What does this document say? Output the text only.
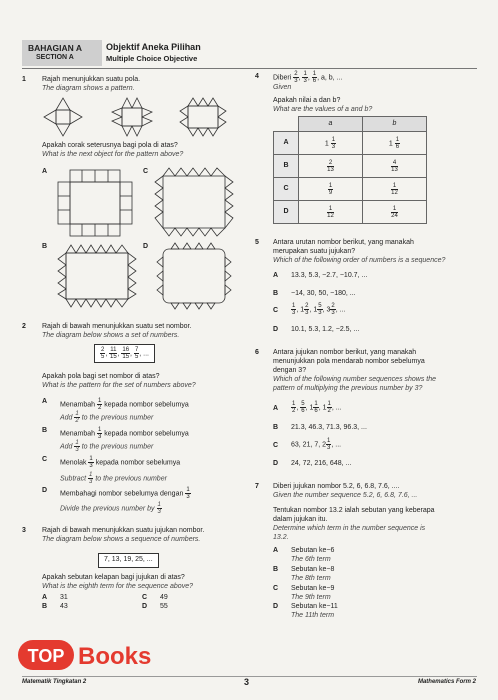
BAHAGIAN A
SECTION A
Objektif Aneka Pilihan
Multiple Choice Objective
1 Rajah menunjukkan suatu pola.
The diagram shows a pattern.
Apakah corak seterusnya bagi pola di atas?
What is the next object for the pattern above?
A	C
B	D
2 Rajah di bawah menunjukkan suatu set nombor.
The diagram below shows a set of numbers.
$\frac{2}{5}$ , $\frac{11}{15}$ , $\frac{16}{15}$ , $\frac{7}{5}$ , ...
Apakah pola bagi set nombor di atas?
What is the pattern for the set of numbers above?
A Menambah $\frac{1}{2}$ kepada nombor sebelumya
Add $\frac{1}{2}$ to the previous number
B Menambah $\frac{1}{3}$ kepada nombor sebelumya
Add $\frac{1}{3}$ to the previous number
C Menolak $\frac{1}{3}$ kepada nombor sebelumya
Subtract $\frac{1}{3}$ to the previous number
D Membahagi nombor sebelumya dengan $\frac{1}{3}$
Divide the previous number by $\frac{1}{3}$
3 Rajah di bawah menunjukkan suatu jujukan nombor.
The diagram below shows a sequence of numbers.
7, 13, 19, 25, ...
Apakah sebutan kelapan bagi jujukan di atas?
What is the eighth term for the sequence above?
A 31	C 49
B 43	D 55
4 Diberi $\frac{2}{3}$ , $\frac{1}{3}$ , $\frac{1}{6}$ , a, b, ...
Given
Apakah nilai a dan b?
What are the values of a and b?
	a	b
A	$1 \frac{1}{3}$	$1 \frac{1}{6}$

B	$\frac{2}{13}$	$\frac{4}{13}$

C	$\frac{1}{9}$	$\frac{1}{12}$

D	$\frac{1}{12}$	$\frac{1}{24}$
5 Antara urutan nombor berikut, yang manakah
merupakan suatu jujukan?
Which of the following order of numbers is a sequence?
A 13.3, 5.3, −2.7, −10.7, ...
B −14, 30, 50, −180, ...
C $\frac{1}{3}$ , $1 \frac{2}{3}$ , $1 \frac{5}{3}$ , $3 \frac{2}{3}$ , ...
D 10.1, 5.3, 1.2, −2.5, ...
6 Antara jujukan nombor berikut, yang manakah
menunjukkan pola mendarab nombor sebelumya
dengan 3?
Which of the following number sequences shows the
pattern of multiplying the previous number by 3?
A $\frac{1}{2}$ , $\frac{5}{6}$ , $1 \frac{1}{6}$ , $1 \frac{1}{2}$ , ...
B 21.3, 46.3, 71.3, 96.3, ...
C 63, 21, 7, $2 \frac{1}{3}$ , ...
D 24, 72, 216, 648, ...
7 Diberi jujukan nombor 5.2, 6, 6.8, 7.6, ....
Given the number sequence 5.2, 6, 6.8, 7.6, ...
Tentukan nombor 13.2 ialah sebutan yang keberapa
dalam jujukan itu.
Determine which term in the number sequence is
13.2.
A Sebutan ke−6
The 6th term
B Sebutan ke−8
The 8th term
C Sebutan ke−9
The 9th term
D Sebutan ke−11
The 11th term
TOP Books
Matematik Tingkatan 2	3	Mathematics Form 2
